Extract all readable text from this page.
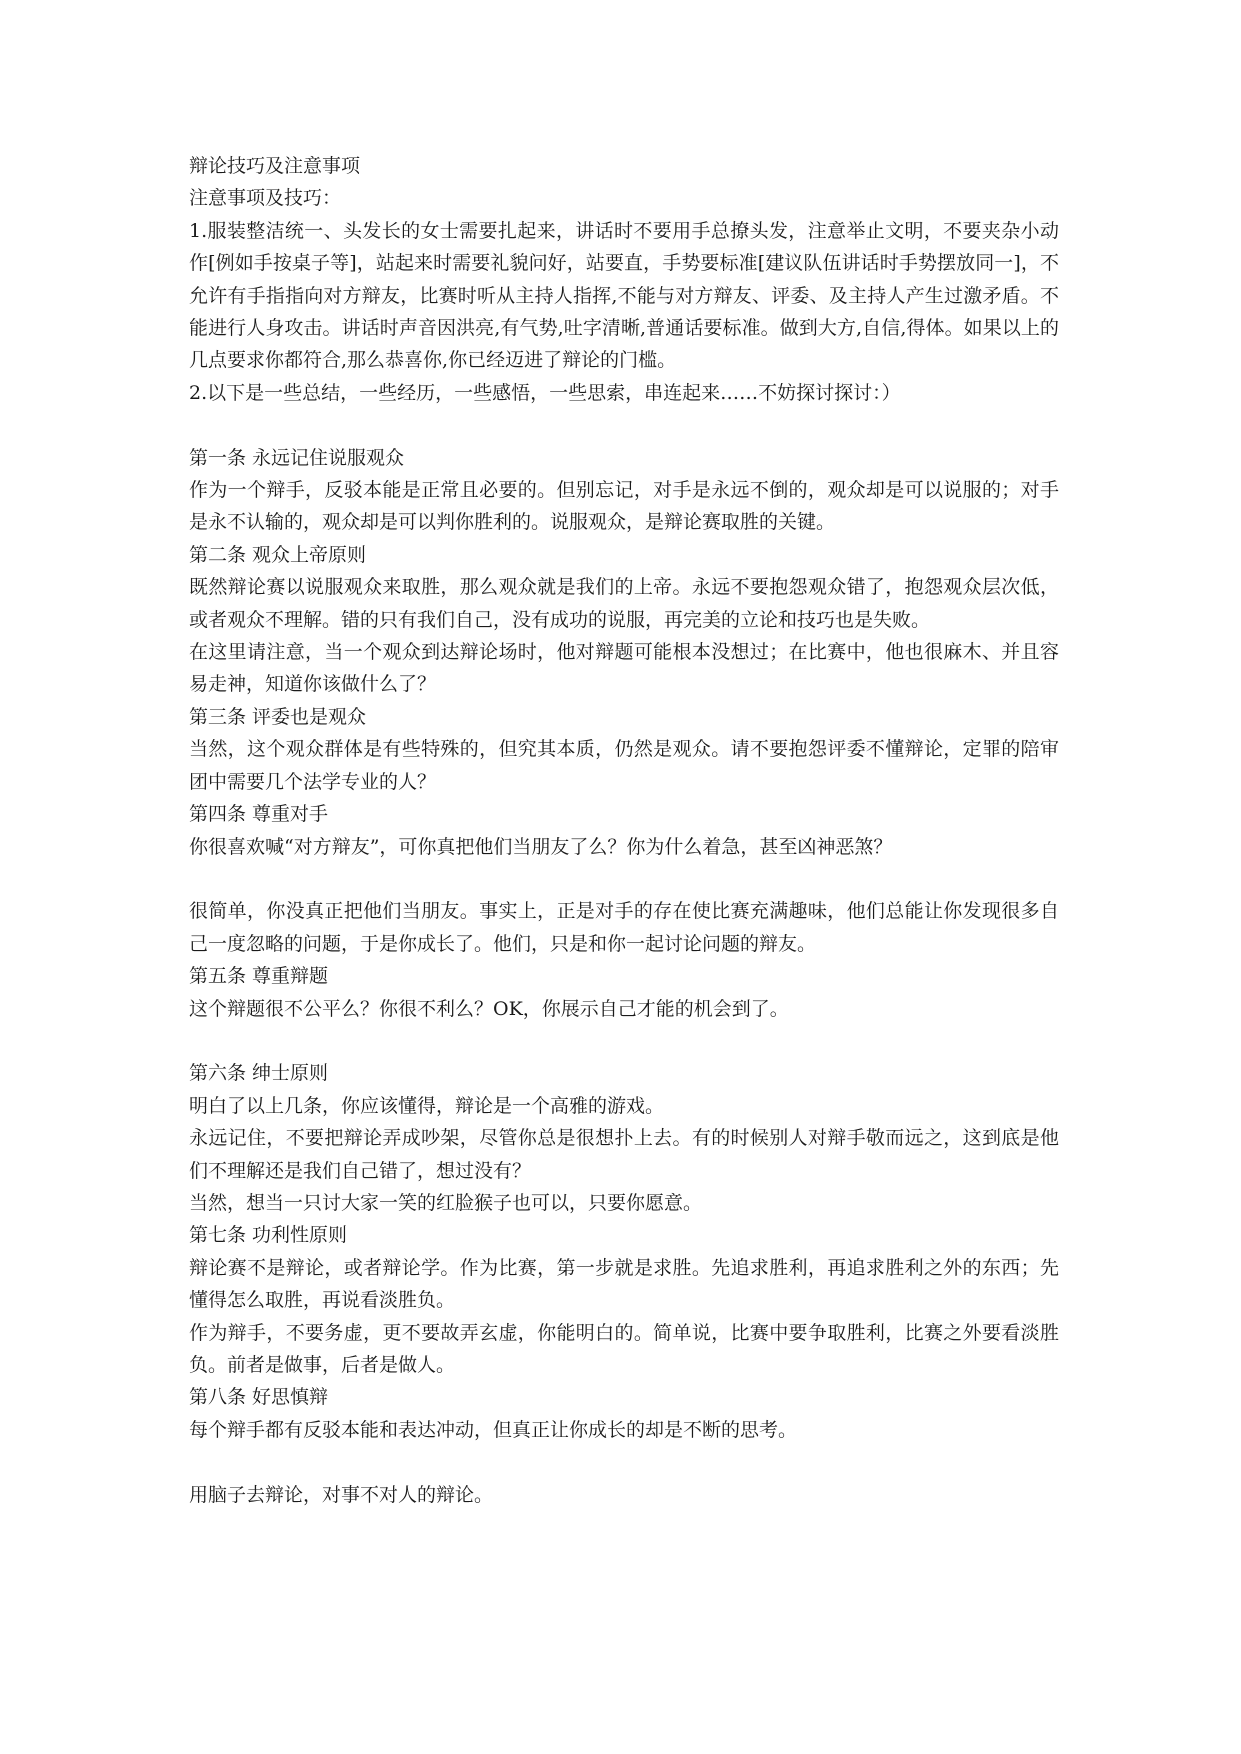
辩论技巧及注意事项

注意事项及技巧：

1.服装整洁统一、头发长的女士需要扎起来，讲话时不要用手总撩头发，注意举止文明，不要夹杂小动作[例如手按桌子等]，站起来时需要礼貌问好，站要直，手势要标准[建议队伍讲话时手势摆放同一]，不允许有手指指向对方辩友，比赛时听从主持人指挥,不能与对方辩友、评委、及主持人产生过激矛盾。不能进行人身攻击。讲话时声音因洪亮,有气势,吐字清晰,普通话要标准。做到大方,自信,得体。如果以上的几点要求你都符合,那么恭喜你,你已经迈进了辩论的门槛。

2.以下是一些总结，一些经历，一些感悟，一些思索，串连起来……不妨探讨探讨：）

第一条 永远记住说服观众

作为一个辩手，反驳本能是正常且必要的。但别忘记，对手是永远不倒的，观众却是可以说服的；对手是永不认输的，观众却是可以判你胜利的。说服观众，是辩论赛取胜的关键。

第二条 观众上帝原则

既然辩论赛以说服观众来取胜，那么观众就是我们的上帝。永远不要抱怨观众错了，抱怨观众层次低，或者观众不理解。错的只有我们自己，没有成功的说服，再完美的立论和技巧也是失败。

在这里请注意，当一个观众到达辩论场时，他对辩题可能根本没想过；在比赛中，他也很麻木、并且容易走神，知道你该做什么了？

第三条 评委也是观众

当然，这个观众群体是有些特殊的，但究其本质，仍然是观众。请不要抱怨评委不懂辩论，定罪的陪审团中需要几个法学专业的人？

第四条 尊重对手

你很喜欢喊“对方辩友”，可你真把他们当朋友了么？你为什么着急，甚至凶神恶煞？

很简单，你没真正把他们当朋友。事实上，正是对手的存在使比赛充满趣味，他们总能让你发现很多自己一度忽略的问题，于是你成长了。他们，只是和你一起讨论问题的辩友。

第五条 尊重辩题

这个辩题很不公平么？你很不利么？OK，你展示自己才能的机会到了。

第六条 绅士原则

明白了以上几条，你应该懂得，辩论是一个高雅的游戏。

永远记住，不要把辩论弄成吵架，尽管你总是很想扑上去。有的时候别人对辩手敬而远之，这到底是他们不理解还是我们自己错了，想过没有？

当然，想当一只讨大家一笑的红脸猴子也可以，只要你愿意。

第七条 功利性原则

辩论赛不是辩论，或者辩论学。作为比赛，第一步就是求胜。先追求胜利，再追求胜利之外的东西；先懂得怎么取胜，再说看淡胜负。

作为辩手，不要务虚，更不要故弄玄虚，你能明白的。简单说，比赛中要争取胜利，比赛之外要看淡胜负。前者是做事，后者是做人。

第八条 好思慎辩

每个辩手都有反驳本能和表达冲动，但真正让你成长的却是不断的思考。

用脑子去辩论，对事不对人的辩论。
